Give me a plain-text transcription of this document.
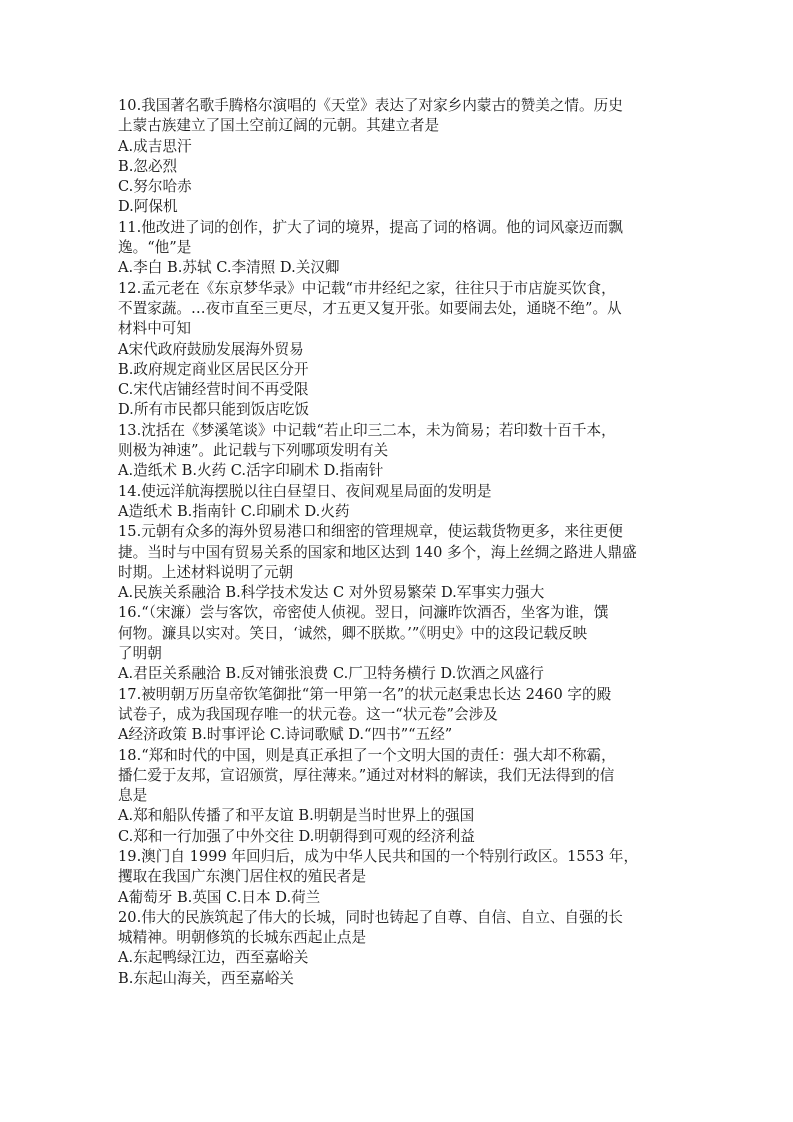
10.我国著名歌手腾格尔演唱的《天堂》表达了对家乡内蒙古的赞美之情。历史
上蒙古族建立了国土空前辽阔的元朝。其建立者是
A.成吉思汗
B.忽必烈
C.努尔哈赤
D.阿保机
11.他改进了词的创作，扩大了词的境界，提高了词的格调。他的词风豪迈而飘
逸。“他”是
A.李白 B.苏轼 C.李清照 D.关汉卿
12.孟元老在《东京梦华录》中记载“市井经纪之家，往往只于市店旋买饮食，
不置家蔬。…夜市直至三更尽，才五更又复开张。如要闹去处，通晓不绝”。从
材料中可知
A宋代政府鼓励发展海外贸易
B.政府规定商业区居民区分开
C.宋代店铺经营时间不再受限
D.所有市民都只能到饭店吃饭
13.沈括在《梦溪笔谈》中记载“若止印三二本，未为简易；若印数十百千本，
则极为神速”。此记载与下列哪项发明有关
A.造纸术 B.火药 C.活字印刷术 D.指南针
14.使远洋航海摆脱以往白昼望日、夜间观星局面的发明是
A造纸术 B.指南针 C.印刷术 D.火药
15.元朝有众多的海外贸易港口和细密的管理规章，使运载货物更多，来往更便
捷。当时与中国有贸易关系的国家和地区达到 140 多个，海上丝绸之路进人鼎盛
时期。上述材料说明了元朝
A.民族关系融洽 B.科学技术发达 C 对外贸易繁荣 D.军事实力强大
16.“（宋濂）尝与客饮，帝密使人侦视。翌日，问濂昨饮酒否，坐客为谁，馔
何物。濂具以实对。笑日，‘诚然，卿不朕欺。’”《明史》中的这段记载反映
了明朝
A.君臣关系融洽 B.反对铺张浪费 C.厂卫特务横行 D.饮酒之风盛行
17.被明朝万历皇帝钦笔御批“第一甲第一名”的状元赵秉忠长达 2460 字的殿
试卷子，成为我国现存唯一的状元卷。这一“状元卷”会涉及
A经济政策 B.时事评论 C.诗词歌赋 D.“四书”“五经”
18.“郑和时代的中国，则是真正承担了一个文明大国的责任：强大却不称霸，
播仁爱于友邦，宣诏颁赏，厚往薄来。”通过对材料的解读，我们无法得到的信
息是
A.郑和船队传播了和平友谊 B.明朝是当时世界上的强国
C.郑和一行加强了中外交往 D.明朝得到可观的经济利益
19.澳门自 1999 年回归后，成为中华人民共和国的一个特别行政区。1553 年，
攫取在我国广东澳门居住权的殖民者是
A葡萄牙 B.英国 C.日本 D.荷兰
20.伟大的民族筑起了伟大的长城，同时也铸起了自尊、自信、自立、自强的长
城精神。明朝修筑的长城东西起止点是
A.东起鸭绿江边，西至嘉峪关
B.东起山海关，西至嘉峪关
